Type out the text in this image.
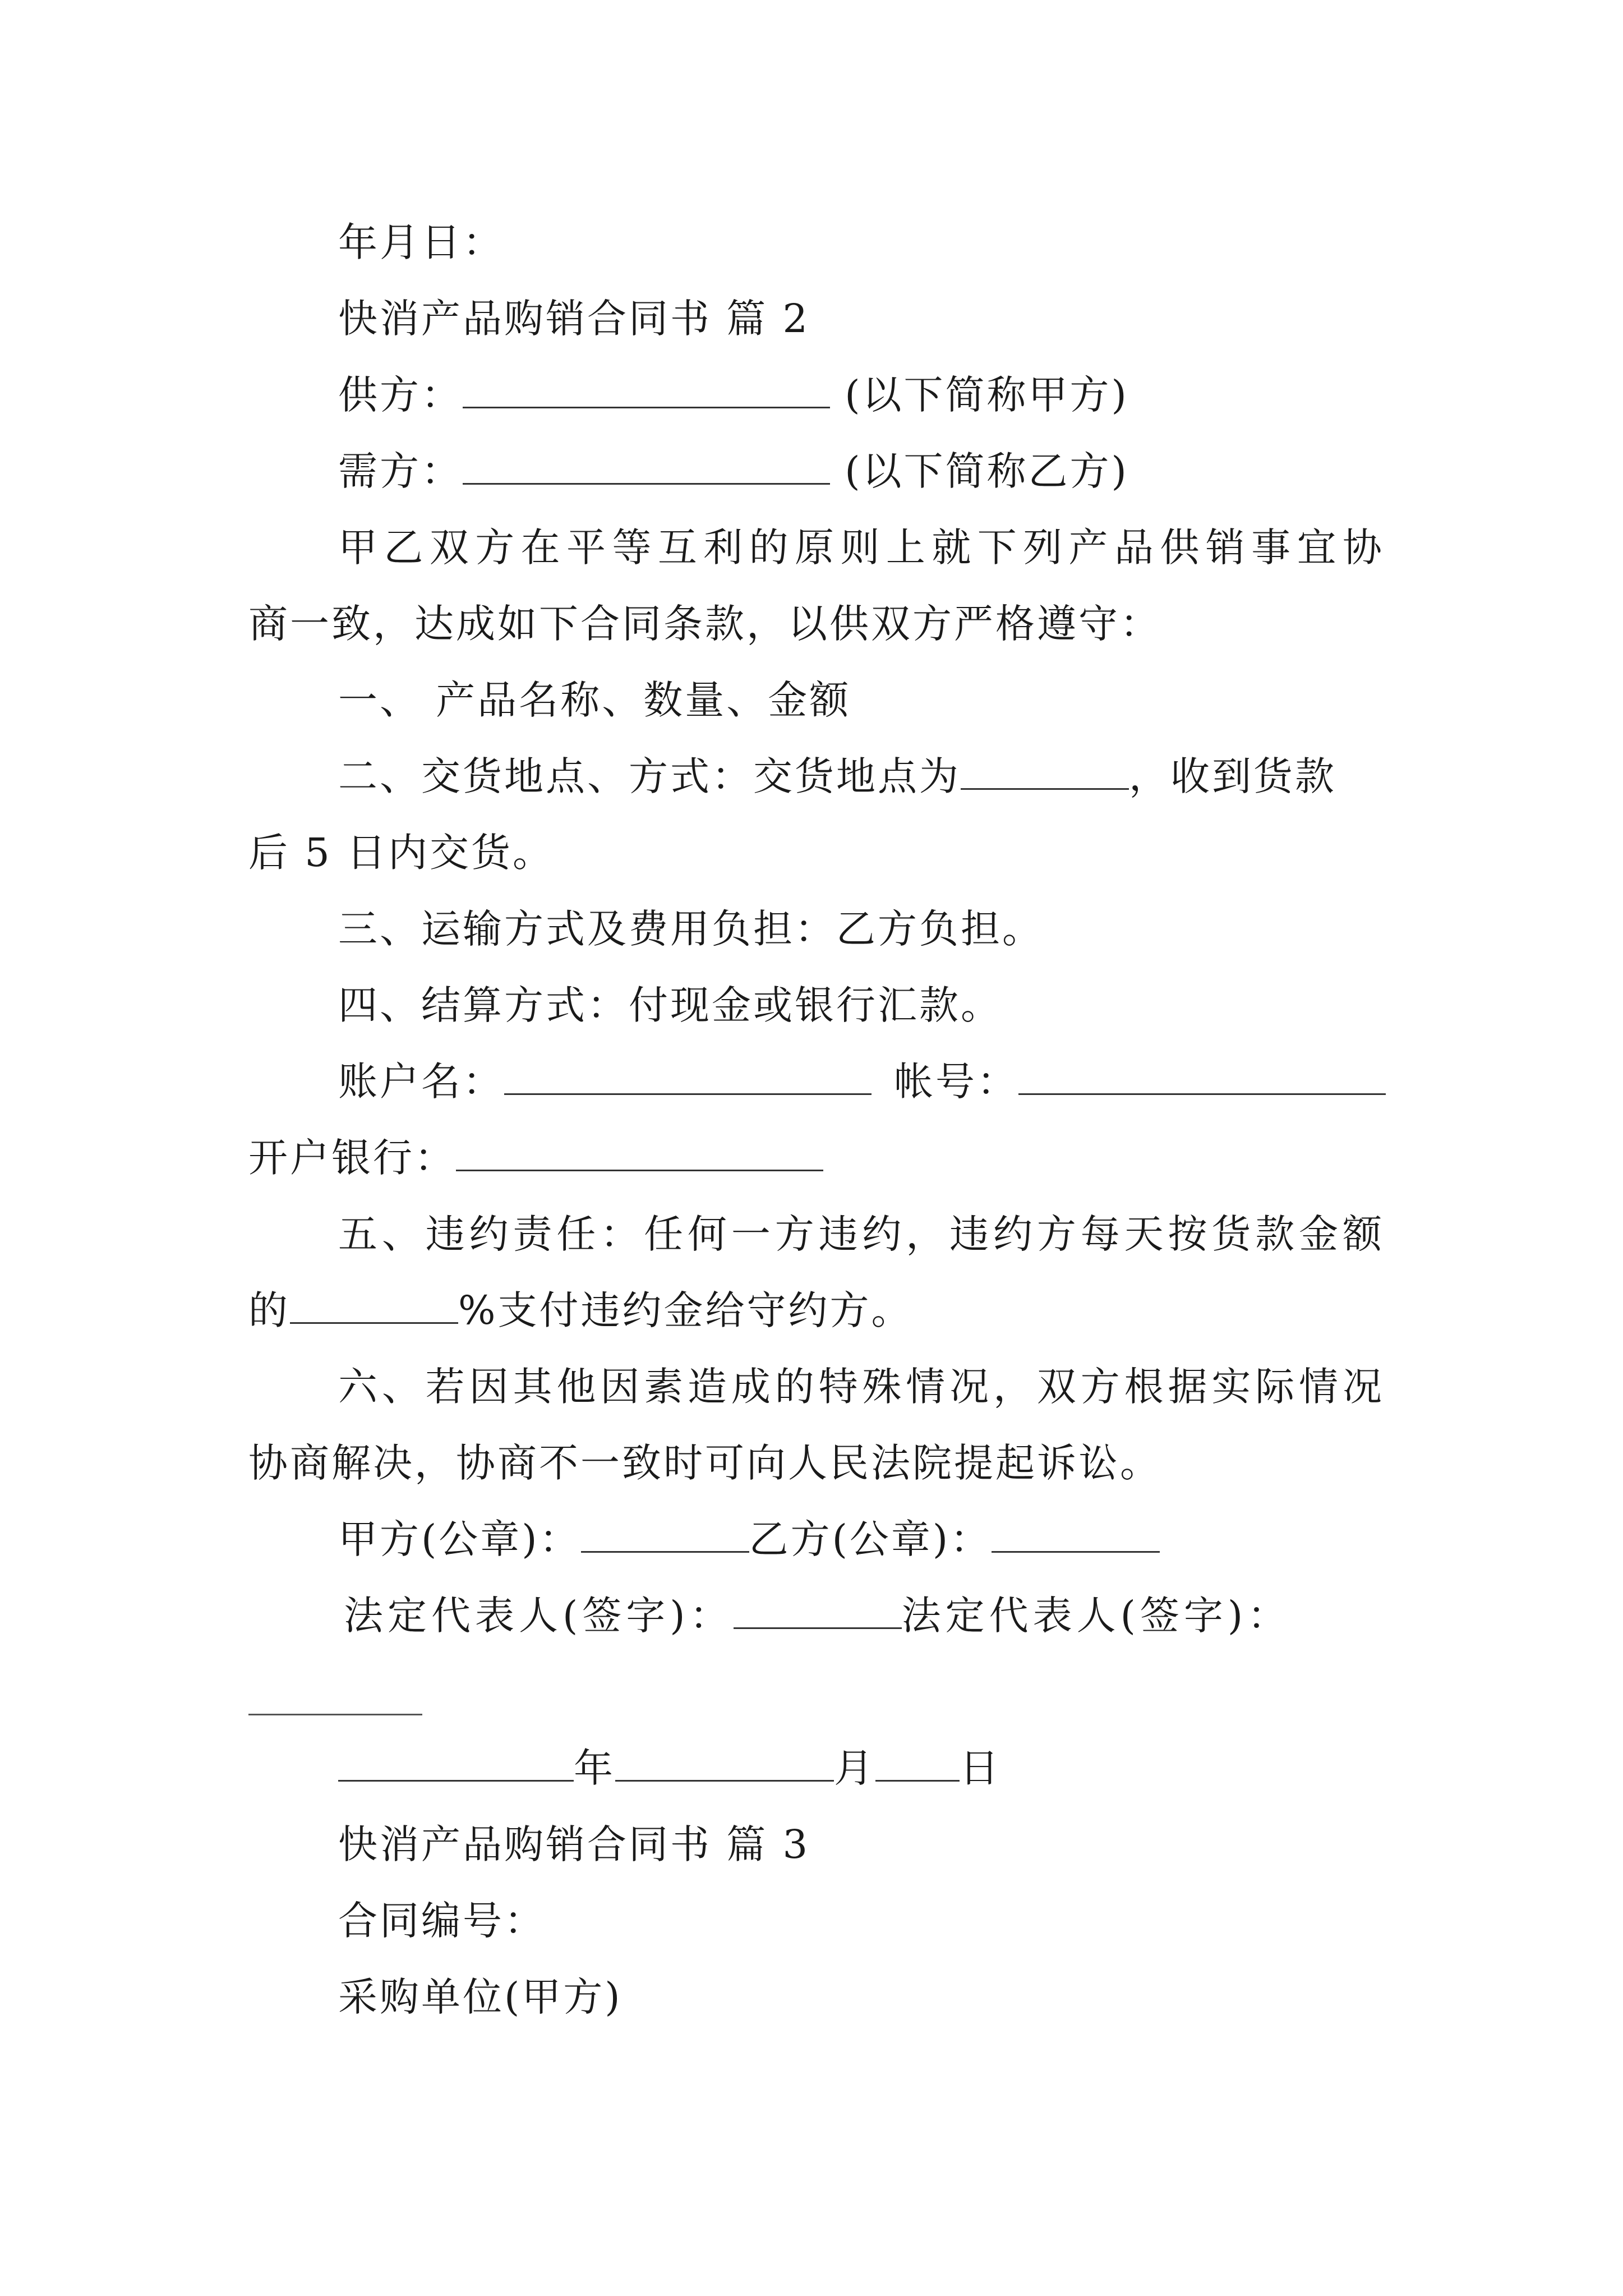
年月日：
快消产品购销合同书 篇 2
供方：	(以下简称甲方)
需方：	(以下简称乙方)
甲乙双方在平等互利的原则上就下列产品供销事宜协
商一致，达成如下合同条款，以供双方严格遵守：
一、 产品名称、数量、金额
二、交货地点、方式：交货地点为	，收到货款
后 5 日内交货。
三、运输方式及费用负担：乙方负担。
四、结算方式：付现金或银行汇款。
账户名：	帐号：
开户银行：
五、违约责任：任何一方违约，违约方每天按货款金额
的	%支付违约金给守约方。
六、若因其他因素造成的特殊情况，双方根据实际情况
协商解决，协商不一致时可向人民法院提起诉讼。
甲方(公章)：	乙方(公章)：
法定代表人(签字)：	法定代表人(签字)：
年	月 日
快消产品购销合同书 篇 3
合同编号：
采购单位(甲方)
